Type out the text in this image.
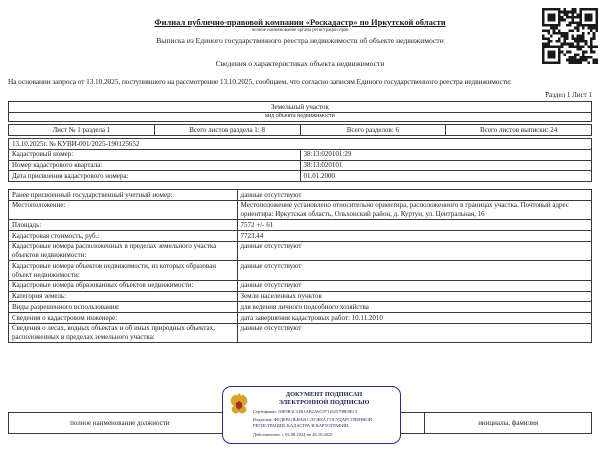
Филиал публично-правовой компании «Роскадастр» по Иркутской области
полное наименование органа регистрации прав
Выписка из Единого государственного реестра недвижимости об объекте недвижимости
Сведения о характеристиках объекта недвижимости
На основании запроса от 13.10.2025, поступившего на рассмотрение 13.10.2025, сообщаем, что согласно записям Единого государственного реестра недвижимости:
Раздел 1 Лист 1
Земельный участок
вид объекта недвижимости
Лист № 1 раздела 1	Всего листов раздела 1: 8	Всего разделов: 6	Всего листов выписки: 24
13.10.2025г. № КУВИ-001/2025-190125652	
Кадастровый номер:	38:13:020101:29
Номер кадастрового квартала:	38:13:020101
Дата присвоения кадастрового номера:	01.01.2000
Ранее присвоенный государственный учетный номер:	данные отсутствуют
Местоположение:	Местоположение установлено относительно ориентира, расположенного в границах участка. Почтовый адрес ориентира: Иркутская область, Ольхонский район, д. Куртун, ул. Центральная, 16
Площадь:	7572 +/- 61
Кадастровая стоимость, руб.:	7723.44
Кадастровые номера расположенных в пределах земельного участка объектов недвижимости:	данные отсутствуют
Кадастровые номера объектов недвижимости, из которых образован объект недвижимости:	данные отсутствуют
Кадастровые номера образованных объектов недвижимости:	данные отсутствуют
Категория земель:	Земли населенных пунктов
Виды разрешенного использования:	для ведения личного подсобного хозяйства
Сведения о кадастровом инженере:	дата завершения кадастровых работ: 10.11.2010
Сведения о лесах, водных объектах и об иных природных объектах, расположенных в пределах земельного участка:	данные отсутствуют
полное наименование должности		инициалы, фамилия
ДОКУМЕНТ ПОДПИСАН
ЭЛЕКТРОННОЙ ПОДПИСЬЮ
Сертификат: 00F9B3C31B1AB2A6C9711625798E8E13
Владелец: ФЕДЕРАЛЬНАЯ СЛУЖБА ГОСУДАРСТВЕННОЙ РЕГИСТРАЦИИ, КАДАСТРА И КАРТОГРАФИИ
Действителен: с 02.08.2024 по 26.10.2025
